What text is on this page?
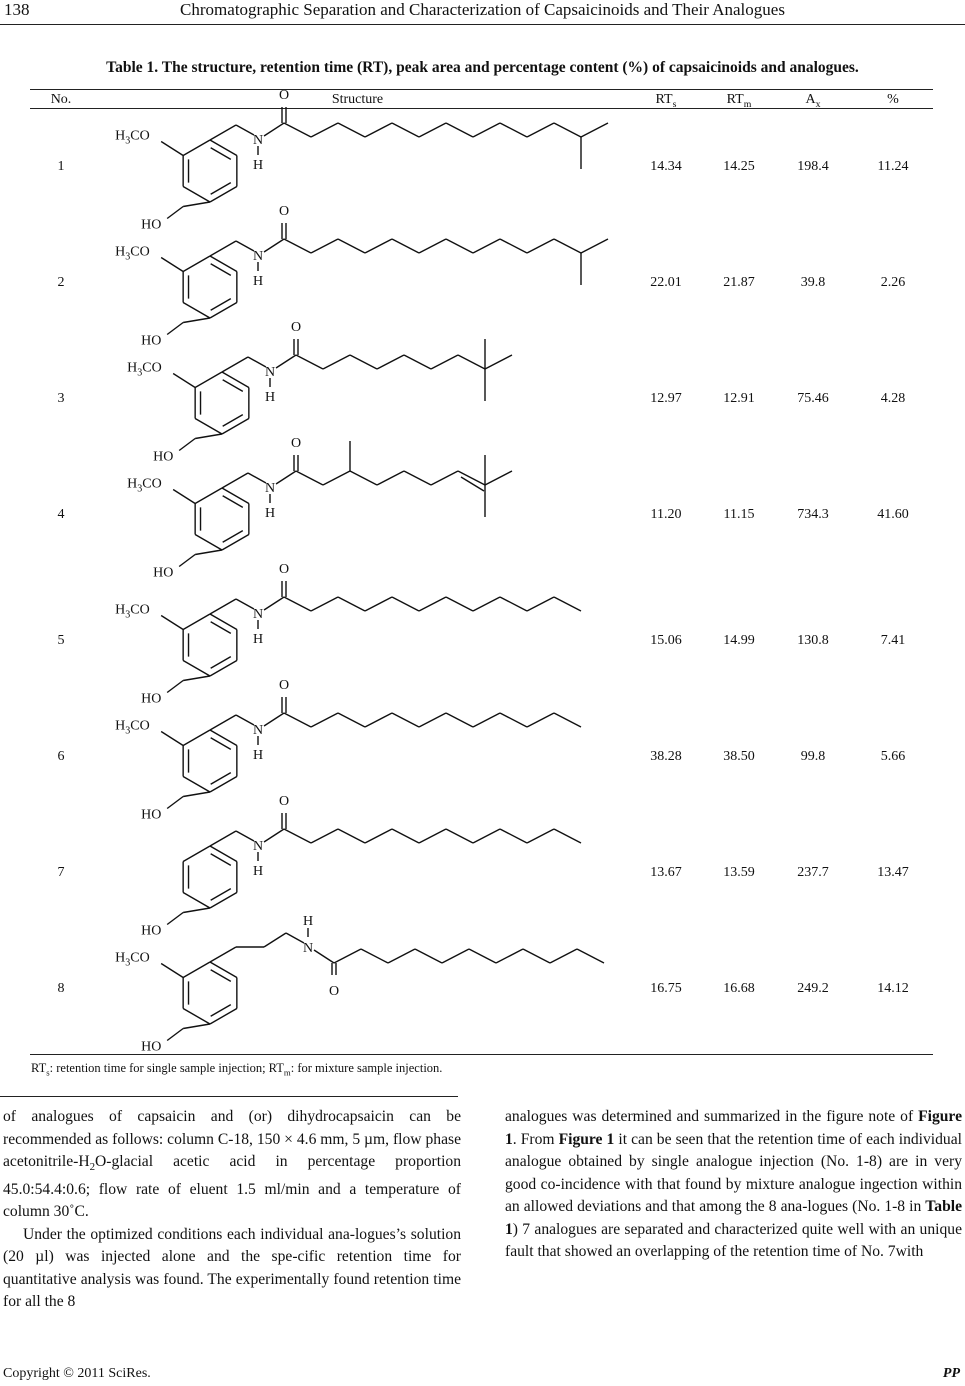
138	Chromatographic Separation and Characterization of Capsaicinoids and Their Analogues
Table 1. The structure, retention time (RT), peak area and percentage content (%) of capsaicinoids and analogues.
No.	Structure	$RT_s$	$RT_m$	$A_x$	%
1	14.34	14.25	198.4	11.24
$H_3CO$
HO
N
H
O
2	22.01	21.87	39.8	2.26
$H_3CO$
HO
N
H
O
3	12.97	12.91	75.46	4.28
$H_3CO$
HO
N
H
O
4	11.20	11.15	734.3	41.60
$H_3CO$
HO
N
H
O
5	15.06	14.99	130.8	7.41
$H_3CO$
HO
N
H
O
6	38.28	38.50	99.8	5.66
$H_3CO$
HO
N
H
O
7	13.67	13.59	237.7	13.47
HO
N
H
O
8	16.75	16.68	249.2	14.12
$H_3CO$
HO
N
H
O
$RT_s$: retention time for single sample injection; $RT_m$: for mixture sample injection.

of analogues of capsaicin and (or) dihydrocapsaicin can be recommended as follows: column C-18, 150 × 4.6 mm, 5 µm, flow phase acetonitrile-$H_2O$-glacial acetic acid in percentage proportion 45.0:54.4:0.6; flow rate of eluent 1.5 ml/min and a temperature of column 30˚C.

Under the optimized conditions each individual ana-logues’s solution (20 µl) was injected alone and the spe-cific retention time for quantitative analysis was found. The experimentally found retention time for all the 8

analogues was determined and summarized in the figure note of Figure 1. From Figure 1 it can be seen that the retention time of each individual analogue obtained by single analogue injection (No. 1-8) are in very good co-incidence with that found by mixture analogue ingection within an allowed deviations and that among the 8 ana-logues (No. 1-8 in Table 1) 7 analogues are separated and characterized quite well with an unique fault that showed an overlapping of the retention time of No. 7with

Copyright © 2011 SciRes.	PP
